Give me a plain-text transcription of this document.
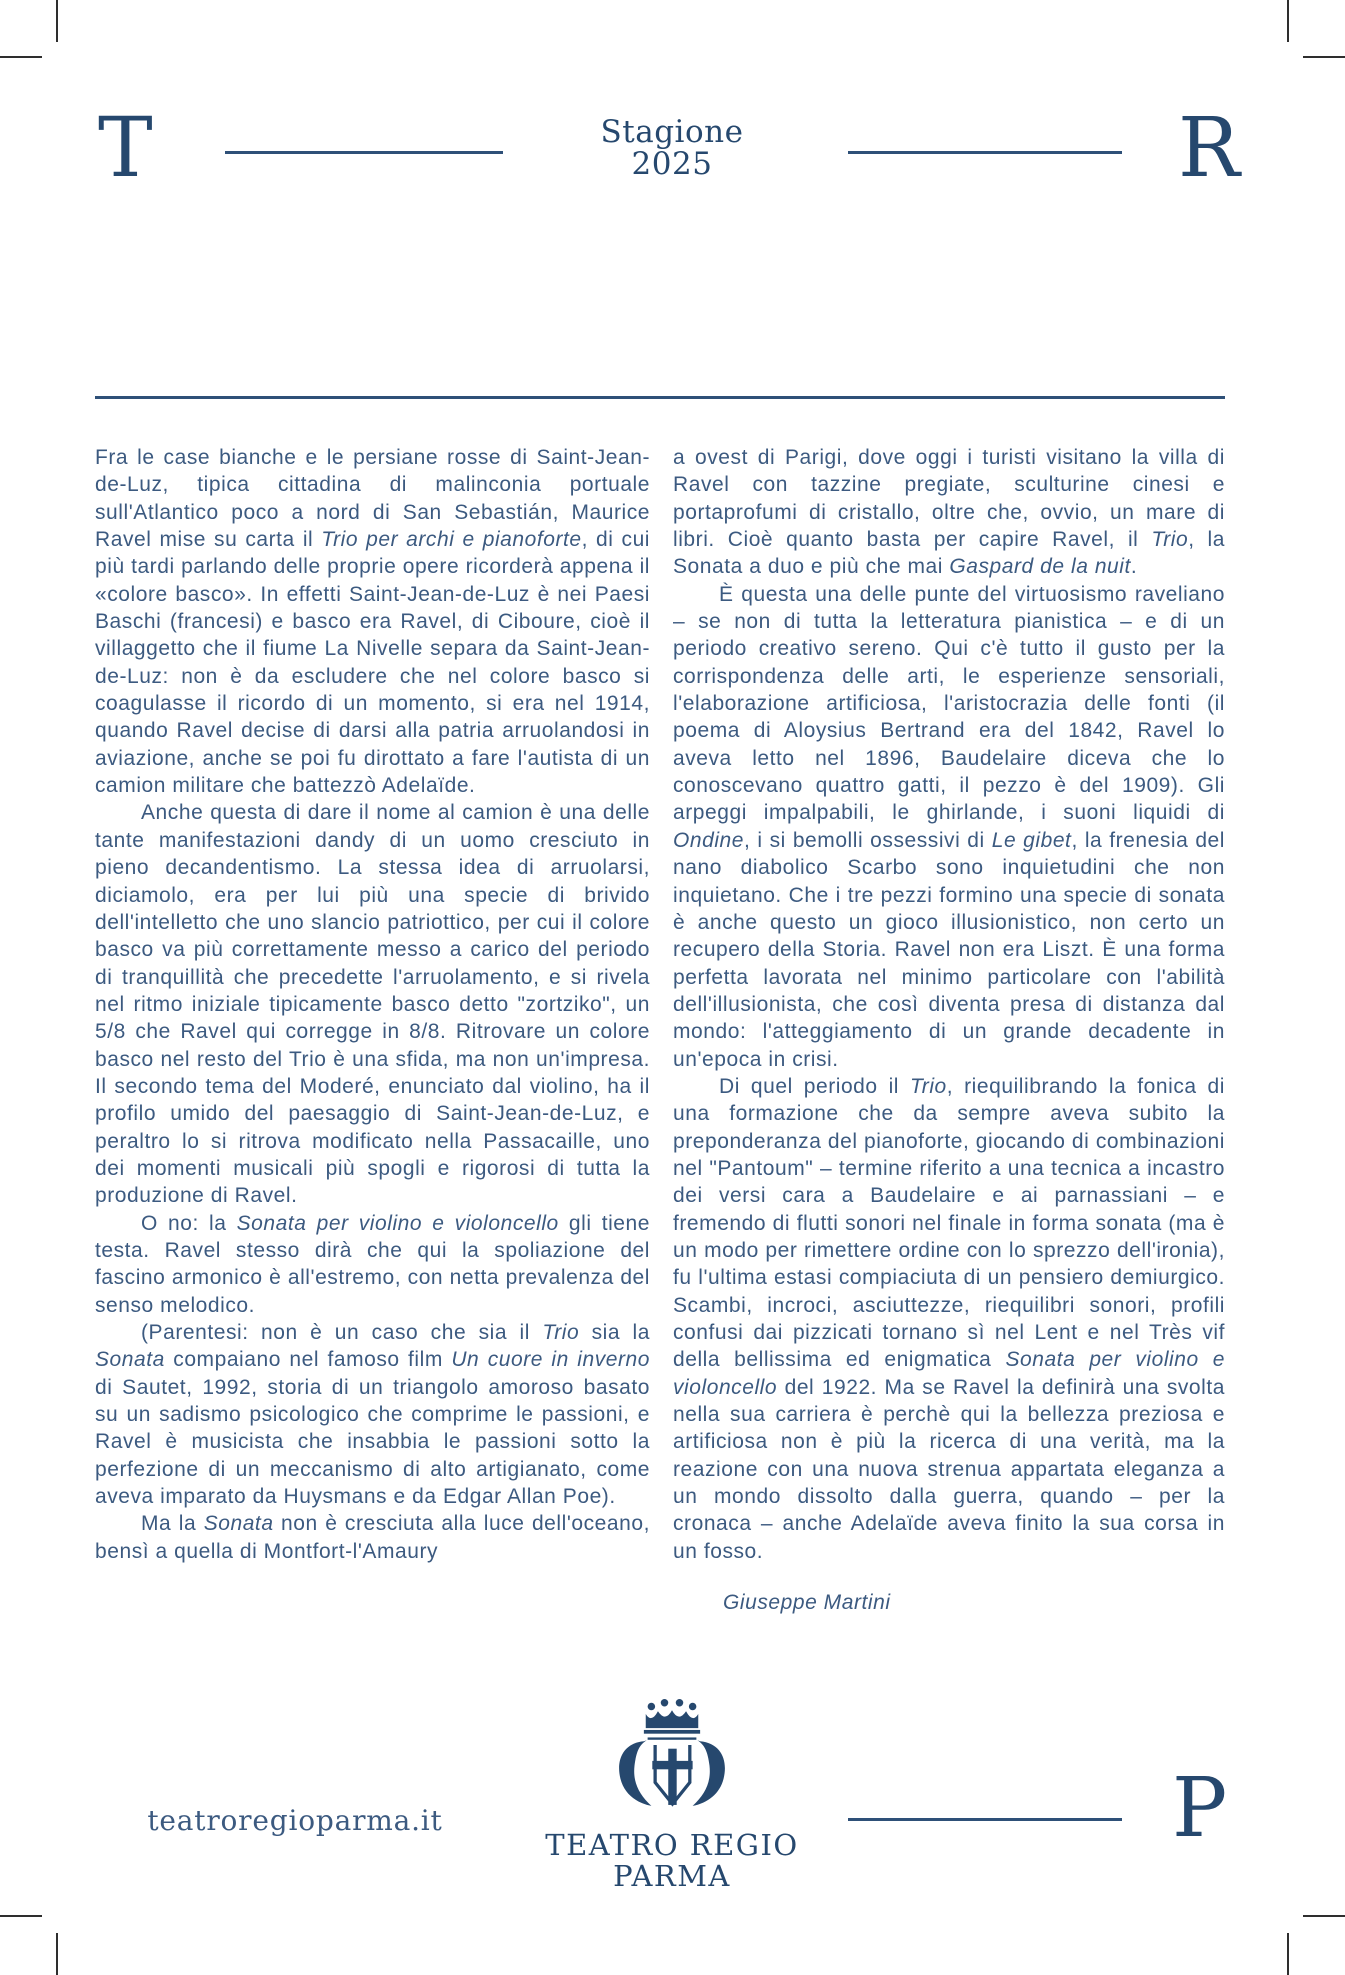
T	Stagione
2025	R

Fra le case bianche e le persiane rosse di Saint-Jean-de-Luz, tipica cittadina di malinconia portuale sull'Atlantico poco a nord di San Sebastián, Maurice Ravel mise su carta il Trio per archi e pianoforte, di cui più tardi parlando delle proprie opere ricorderà appena il «colore basco». In effetti Saint-Jean-de-Luz è nei Paesi Baschi (francesi) e basco era Ravel, di Ciboure, cioè il villaggetto che il fiume La Nivelle separa da Saint-Jean-de-Luz: non è da escludere che nel colore basco si coagulasse il ricordo di un momento, si era nel 1914, quando Ravel decise di darsi alla patria arruolandosi in aviazione, anche se poi fu dirottato a fare l'autista di un camion militare che battezzò Adelaïde.

Anche questa di dare il nome al camion è una delle tante manifestazioni dandy di un uomo cresciuto in pieno decandentismo. La stessa idea di arruolarsi, diciamolo, era per lui più una specie di brivido dell'intelletto che uno slancio patriottico, per cui il colore basco va più correttamente messo a carico del periodo di tranquillità che precedette l'arruolamento, e si rivela nel ritmo iniziale tipicamente basco detto "zortziko", un 5/8 che Ravel qui corregge in 8/8. Ritrovare un colore basco nel resto del Trio è una sfida, ma non un'impresa. Il secondo tema del Moderé, enunciato dal violino, ha il profilo umido del paesaggio di Saint-Jean-de-Luz, e peraltro lo si ritrova modificato nella Passacaille, uno dei momenti musicali più spogli e rigorosi di tutta la produzione di Ravel.

O no: la Sonata per violino e violoncello gli tiene testa. Ravel stesso dirà che qui la spoliazione del fascino armonico è all'estremo, con netta prevalenza del senso melodico.

(Parentesi: non è un caso che sia il Trio sia la Sonata compaiano nel famoso film Un cuore in inverno di Sautet, 1992, storia di un triangolo amoroso basato su un sadismo psicologico che comprime le passioni, e Ravel è musicista che insabbia le passioni sotto la perfezione di un meccanismo di alto artigianato, come aveva imparato da Huysmans e da Edgar Allan Poe).

Ma la Sonata non è cresciuta alla luce dell'oceano, bensì a quella di Montfort-l'Amaury

a ovest di Parigi, dove oggi i turisti visitano la villa di Ravel con tazzine pregiate, sculturine cinesi e portaprofumi di cristallo, oltre che, ovvio, un mare di libri. Cioè quanto basta per capire Ravel, il Trio, la Sonata a duo e più che mai Gaspard de la nuit.

È questa una delle punte del virtuosismo raveliano – se non di tutta la letteratura pianistica – e di un periodo creativo sereno. Qui c'è tutto il gusto per la corrispondenza delle arti, le esperienze sensoriali, l'elaborazione artificiosa, l'aristocrazia delle fonti (il poema di Aloysius Bertrand era del 1842, Ravel lo aveva letto nel 1896, Baudelaire diceva che lo conoscevano quattro gatti, il pezzo è del 1909). Gli arpeggi impalpabili, le ghirlande, i suoni liquidi di Ondine, i si bemolli ossessivi di Le gibet, la frenesia del nano diabolico Scarbo sono inquietudini che non inquietano. Che i tre pezzi formino una specie di sonata è anche questo un gioco illusionistico, non certo un recupero della Storia. Ravel non era Liszt. È una forma perfetta lavorata nel minimo particolare con l'abilità dell'illusionista, che così diventa presa di distanza dal mondo: l'atteggiamento di un grande decadente in un'epoca in crisi.

Di quel periodo il Trio, riequilibrando la fonica di una formazione che da sempre aveva subito la preponderanza del pianoforte, giocando di combinazioni nel "Pantoum" – termine riferito a una tecnica a incastro dei versi cara a Baudelaire e ai parnassiani – e fremendo di flutti sonori nel finale in forma sonata (ma è un modo per rimettere ordine con lo sprezzo dell'ironia), fu l'ultima estasi compiaciuta di un pensiero demiurgico. Scambi, incroci, asciuttezze, riequilibri sonori, profili confusi dai pizzicati tornano sì nel Lent e nel Très vif della bellissima ed enigmatica Sonata per violino e violoncello del 1922. Ma se Ravel la definirà una svolta nella sua carriera è perchè qui la bellezza preziosa e artificiosa non è più la ricerca di una verità, ma la reazione con una nuova strenua appartata eleganza a un mondo dissolto dalla guerra, quando – per la cronaca – anche Adelaïde aveva finito la sua corsa in un fosso.

Giuseppe Martini

TEATRO REGIO
PARMA
teatroregioparma.it	P
